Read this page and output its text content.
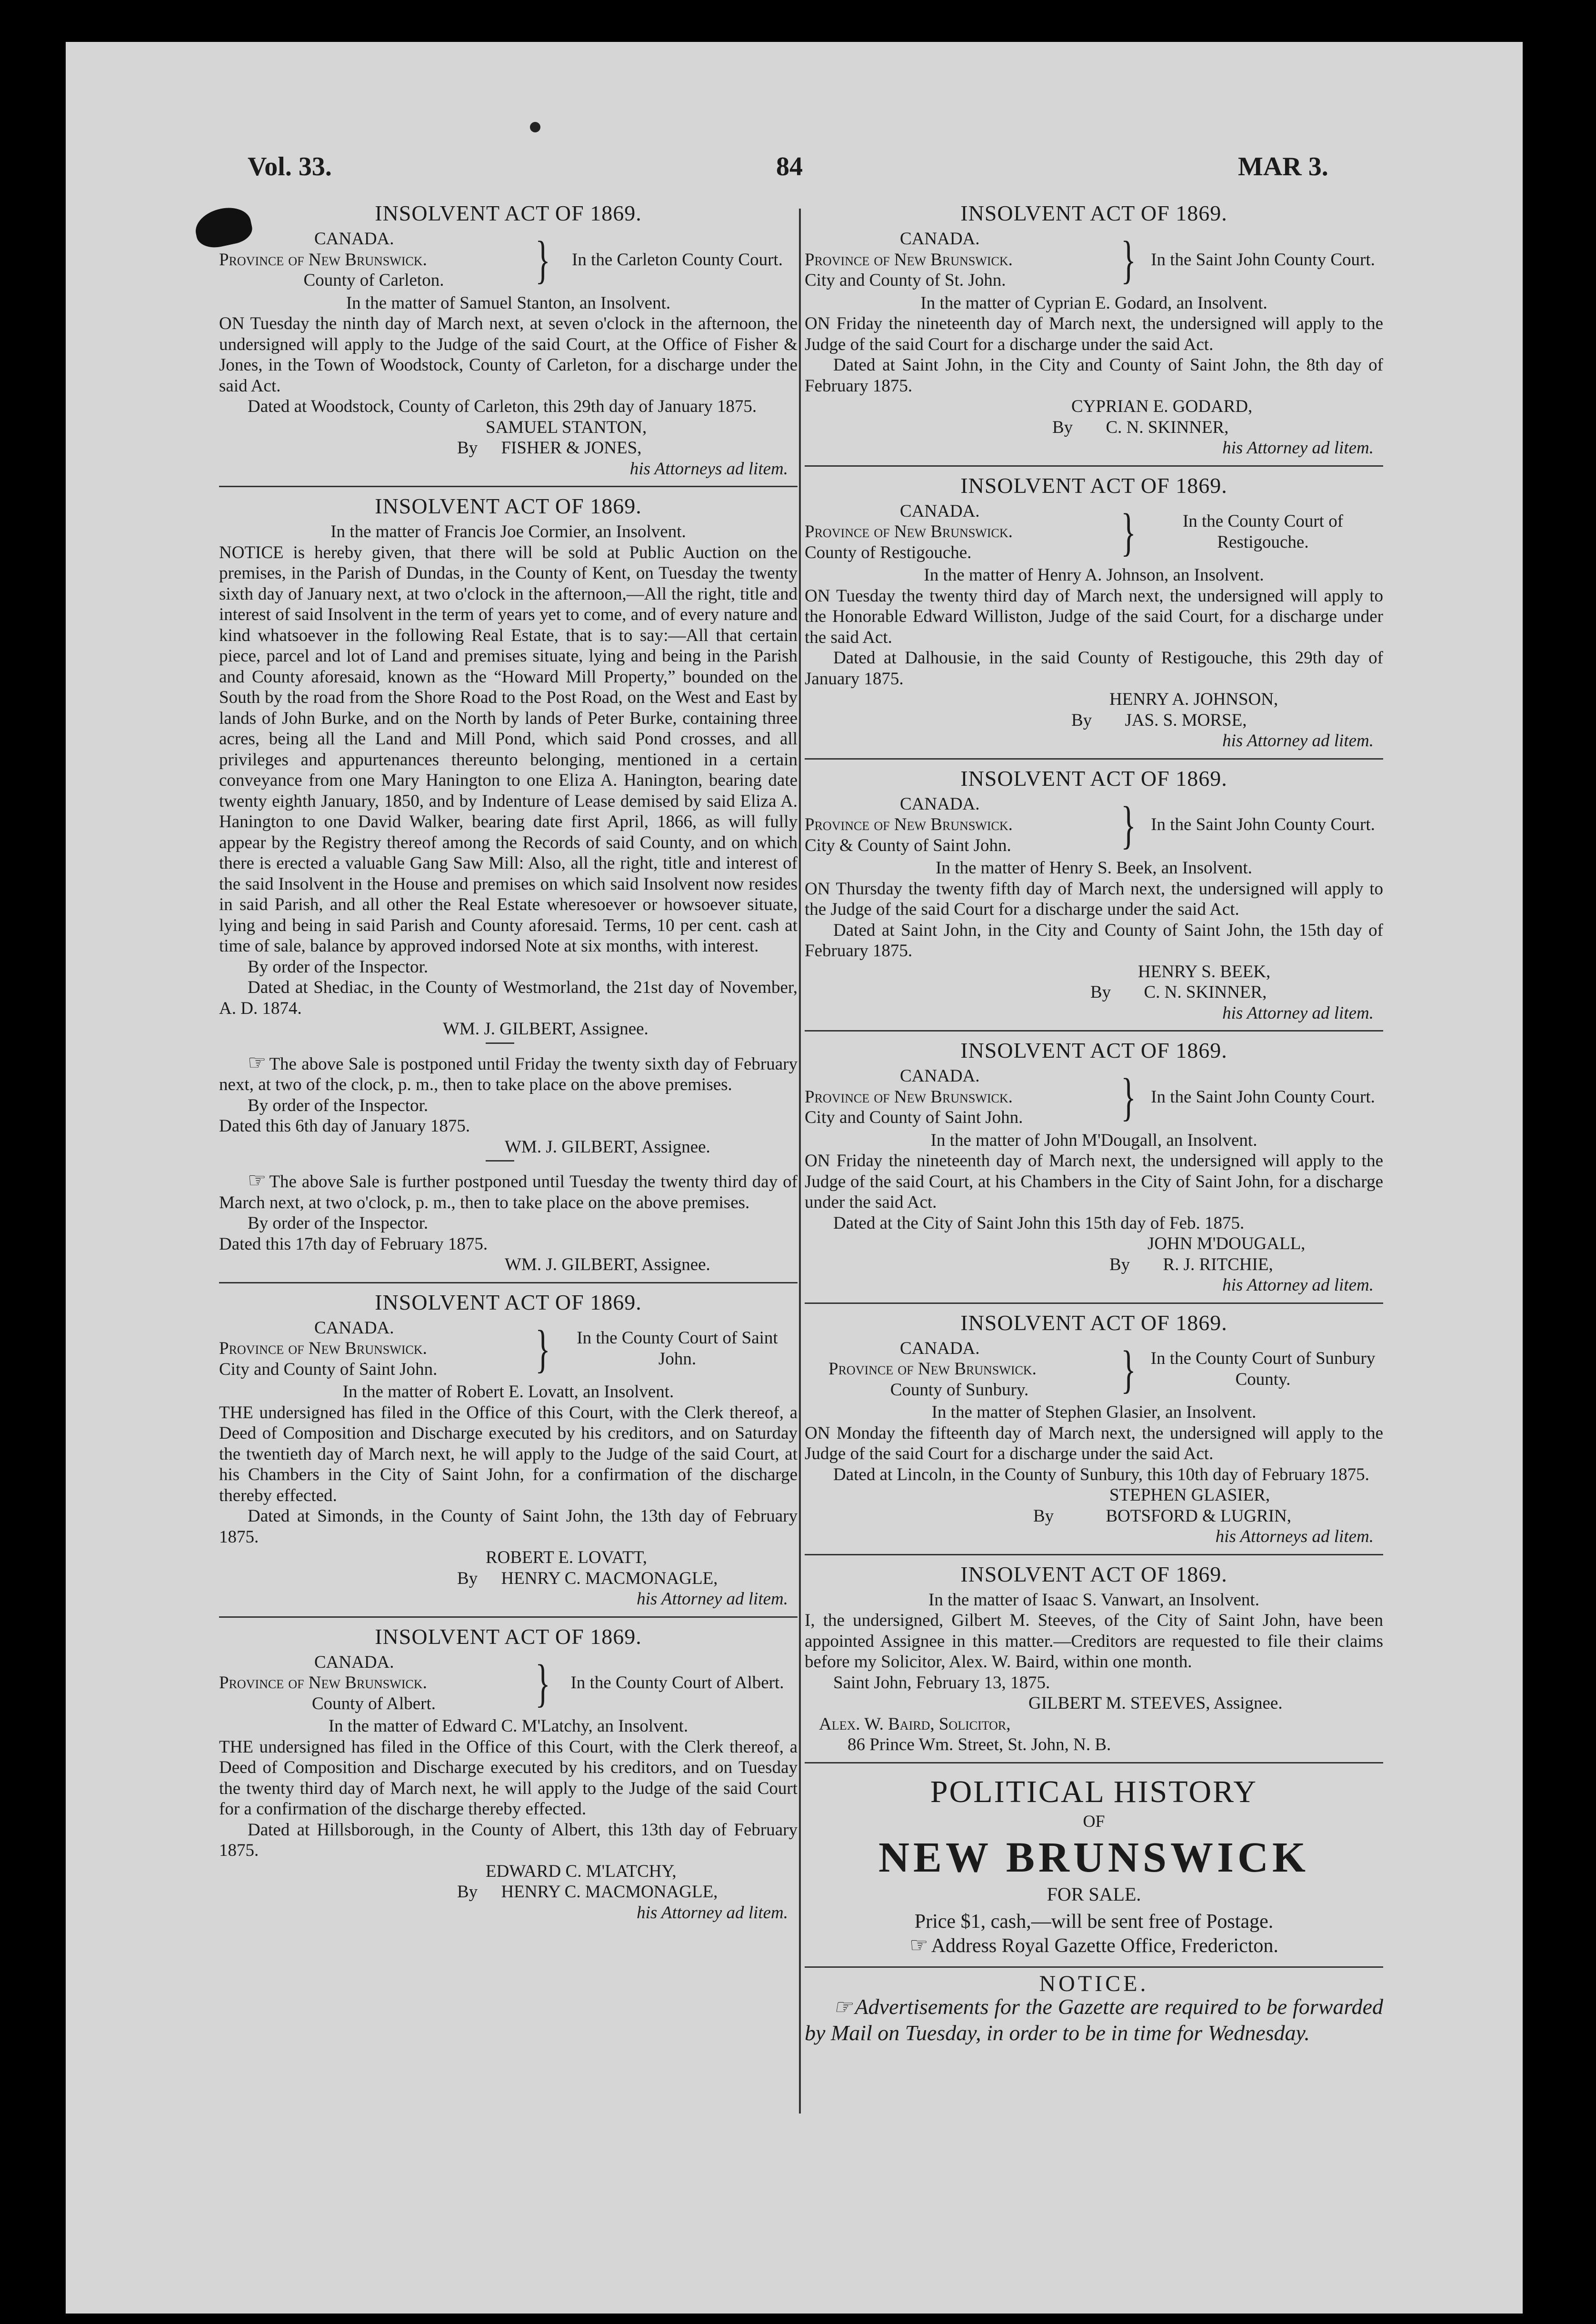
Vol. 33.	84	MAR 3.
INSOLVENT ACT OF 1869.
CANADA.
Province of New Brunswick.
County of Carleton.	}	In the Carleton County Court.
In the matter of Samuel Stanton, an Insolvent.

ON Tuesday the ninth day of March next, at seven o'clock in the afternoon, the undersigned will apply to the Judge of the said Court, at the Office of Fisher & Jones, in the Town of Woodstock, County of Carleton, for a discharge under the said Act.

Dated at Woodstock, County of Carleton, this 29th day of January 1875.

SAMUEL STANTON,
By FISHER & JONES,
his Attorneys ad litem.
INSOLVENT ACT OF 1869.
In the matter of Francis Joe Cormier, an Insolvent.

NOTICE is hereby given, that there will be sold at Public Auction on the premises, in the Parish of Dundas, in the County of Kent, on Tuesday the twenty sixth day of January next, at two o'clock in the afternoon,—All the right, title and interest of said Insolvent in the term of years yet to come, and of every nature and kind whatsoever in the following Real Estate, that is to say:—All that certain piece, parcel and lot of Land and premises situate, lying and being in the Parish and County aforesaid, known as the “Howard Mill Property,” bounded on the South by the road from the Shore Road to the Post Road, on the West and East by lands of John Burke, and on the North by lands of Peter Burke, containing three acres, being all the Land and Mill Pond, which said Pond crosses, and all privileges and appurtenances thereunto belonging, mentioned in a certain conveyance from one Mary Hanington to one Eliza A. Hanington, bearing date twenty eighth January, 1850, and by Indenture of Lease demised by said Eliza A. Hanington to one David Walker, bearing date first April, 1866, as will fully appear by the Registry thereof among the Records of said County, and on which there is erected a valuable Gang Saw Mill: Also, all the right, title and interest of the said Insolvent in the House and premises on which said Insolvent now resides in said Parish, and all other the Real Estate wheresoever or howsoever situate, lying and being in said Parish and County aforesaid. Terms, 10 per cent. cash at time of sale, balance by approved indorsed Note at six months, with interest.

By order of the Inspector.

Dated at Shediac, in the County of Westmorland, the 21st day of November, A. D. 1874.

WM. J. GILBERT, Assignee.

☞ The above Sale is postponed until Friday the twenty sixth day of February next, at two of the clock, p. m., then to take place on the above premises.

By order of the Inspector.

Dated this 6th day of January 1875.

WM. J. GILBERT, Assignee.

☞ The above Sale is further postponed until Tuesday the twenty third day of March next, at two o'clock, p. m., then to take place on the above premises.

By order of the Inspector.

Dated this 17th day of February 1875.

WM. J. GILBERT, Assignee.
INSOLVENT ACT OF 1869.
CANADA.
Province of New Brunswick.
City and County of Saint John.	}	In the County Court of Saint John.
In the matter of Robert E. Lovatt, an Insolvent.

THE undersigned has filed in the Office of this Court, with the Clerk thereof, a Deed of Composition and Discharge executed by his creditors, and on Saturday the twentieth day of March next, he will apply to the Judge of the said Court, at his Chambers in the City of Saint John, for a confirmation of the discharge thereby effected.

Dated at Simonds, in the County of Saint John, the 13th day of February 1875.

ROBERT E. LOVATT,
By HENRY C. MACMONAGLE,
his Attorney ad litem.
INSOLVENT ACT OF 1869.
CANADA.
Province of New Brunswick.
County of Albert.	}	In the County Court of Albert.
In the matter of Edward C. M'Latchy, an Insolvent.

THE undersigned has filed in the Office of this Court, with the Clerk thereof, a Deed of Composition and Discharge executed by his creditors, and on Tuesday the twenty third day of March next, he will apply to the Judge of the said Court for a confirmation of the discharge thereby effected.

Dated at Hillsborough, in the County of Albert, this 13th day of February 1875.

EDWARD C. M'LATCHY,
By HENRY C. MACMONAGLE,
his Attorney ad litem.
INSOLVENT ACT OF 1869.
CANADA.
Province of New Brunswick.
City and County of St. John.	} In the Saint John County Court.
In the matter of Cyprian E. Godard, an Insolvent.

ON Friday the nineteenth day of March next, the undersigned will apply to the Judge of the said Court for a discharge under the said Act.

Dated at Saint John, in the City and County of Saint John, the 8th day of February 1875.

CYPRIAN E. GODARD,
By C. N. SKINNER,
his Attorney ad litem.
INSOLVENT ACT OF 1869.
CANADA.
Province of New Brunswick.
County of Restigouche.	}	In the County Court of Restigouche.
In the matter of Henry A. Johnson, an Insolvent.

ON Tuesday the twenty third day of March next, the undersigned will apply to the Honorable Edward Williston, Judge of the said Court, for a discharge under the said Act.

Dated at Dalhousie, in the said County of Restigouche, this 29th day of January 1875.

HENRY A. JOHNSON,
By JAS. S. MORSE,
his Attorney ad litem.
INSOLVENT ACT OF 1869.
CANADA.
Province of New Brunswick.
City & County of Saint John.	} In the Saint John County Court.
In the matter of Henry S. Beek, an Insolvent.

ON Thursday the twenty fifth day of March next, the undersigned will apply to the Judge of the said Court for a discharge under the said Act.

Dated at Saint John, in the City and County of Saint John, the 15th day of February 1875.

HENRY S. BEEK,
By C. N. SKINNER,
his Attorney ad litem.
INSOLVENT ACT OF 1869.
CANADA.
Province of New Brunswick.
City and County of Saint John.	} In the Saint John County Court.
In the matter of John M'Dougall, an Insolvent.

ON Friday the nineteenth day of March next, the undersigned will apply to the Judge of the said Court, at his Chambers in the City of Saint John, for a discharge under the said Act.

Dated at the City of Saint John this 15th day of Feb. 1875.

JOHN M'DOUGALL,
By R. J. RITCHIE,
his Attorney ad litem.
INSOLVENT ACT OF 1869.
CANADA.
Province of New Brunswick.
County of Sunbury.	} In the County Court of Sunbury County.
In the matter of Stephen Glasier, an Insolvent.

ON Monday the fifteenth day of March next, the undersigned will apply to the Judge of the said Court for a discharge under the said Act.

Dated at Lincoln, in the County of Sunbury, this 10th day of February 1875.

STEPHEN GLASIER,
By	BOTSFORD & LUGRIN,
his Attorneys ad litem.
INSOLVENT ACT OF 1869.
In the matter of Isaac S. Vanwart, an Insolvent.

I, the undersigned, Gilbert M. Steeves, of the City of Saint John, have been appointed Assignee in this matter.—Creditors are requested to file their claims before my Solicitor, Alex. W. Baird, within one month.

Saint John, February 13, 1875.

GILBERT M. STEEVES, Assignee.
Alex. W. Baird, Solicitor,
86 Prince Wm. Street, St. John, N. B.
POLITICAL HISTORY
OF
NEW BRUNSWICK
FOR SALE.
Price $1, cash,—will be sent free of Postage.
☞ Address Royal Gazette Office, Fredericton.
NOTICE.

☞ Advertisements for the Gazette are required to be forwarded by Mail on Tuesday, in order to be in time for Wednesday.
